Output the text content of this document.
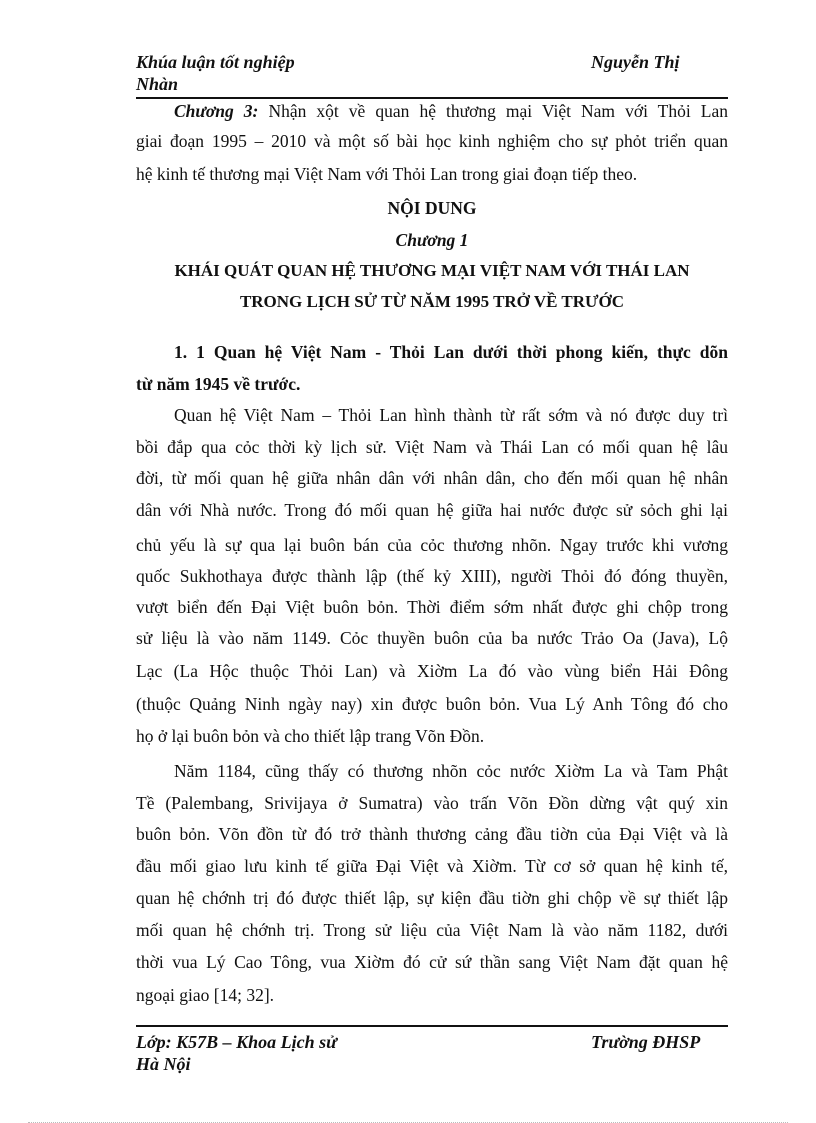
Khúa luận tốt nghiệp	Nguyễn Thị
Nhàn
Chương 3: Nhận xột về quan hệ thương mại Việt Nam với Thỏi Lan
giai đoạn 1995 – 2010 và một số bài học kinh nghiệm cho sự phỏt triển quan
hệ kinh tế thương mại Việt Nam với Thỏi Lan trong giai đoạn tiếp theo.
NỘI DUNG
Chương 1
KHÁI QUÁT QUAN HỆ THƯƠNG MẠI VIỆT NAM VỚI THÁI LAN
TRONG LỊCH SỬ TỪ NĂM 1995 TRỞ VỀ TRƯỚC
1. 1 Quan hệ Việt Nam - Thỏi Lan dưới thời phong kiến, thực dõn
từ năm 1945 về trước.
Quan hệ Việt Nam – Thỏi Lan hình thành từ rất sớm và nó được duy trì
bồi đắp qua cỏc thời kỳ lịch sử. Việt Nam và Thái Lan có mối quan hệ lâu
đời, từ mối quan hệ giữa nhân dân với nhân dân, cho đến mối quan hệ nhân
dân với Nhà nước. Trong đó mối quan hệ giữa hai nước được sử sỏch ghi lại
chủ yếu là sự qua lại buôn bán của cỏc thương nhõn. Ngay trước khi vương
quốc Sukhothaya được thành lập (thế kỷ XIII), người Thỏi đó đóng thuyền,
vượt biển đến Đại Việt buôn bỏn. Thời điểm sớm nhất được ghi chộp trong
sử liệu là vào năm 1149. Cỏc thuyền buôn của ba nước Trảo Oa (Java), Lộ
Lạc (La Hộc thuộc Thỏi Lan) và Xiờm La đó vào vùng biển Hải Đông
(thuộc Quảng Ninh ngày nay) xin được buôn bỏn. Vua Lý Anh Tông đó cho
họ ở lại buôn bỏn và cho thiết lập trang Võn Đồn.
Năm 1184, cũng thấy có thương nhõn cỏc nước Xiờm La và Tam Phật
Tề (Palembang, Srivijaya ở Sumatra) vào trấn Võn Đồn dừng vật quý xin
buôn bỏn. Võn đồn từ đó trở thành thương cảng đầu tiờn của Đại Việt và là
đầu mối giao lưu kinh tế giữa Đại Việt và Xiờm. Từ cơ sở quan hệ kinh tế,
quan hệ chớnh trị đó được thiết lập, sự kiện đầu tiờn ghi chộp về sự thiết lập
mối quan hệ chớnh trị. Trong sử liệu của Việt Nam là vào năm 1182, dưới
thời vua Lý Cao Tông, vua Xiờm đó cử sứ thần sang Việt Nam đặt quan hệ
ngoại giao [14; 32].
Lớp: K57B – Khoa Lịch sử	Trường ĐHSP
Hà Nội
